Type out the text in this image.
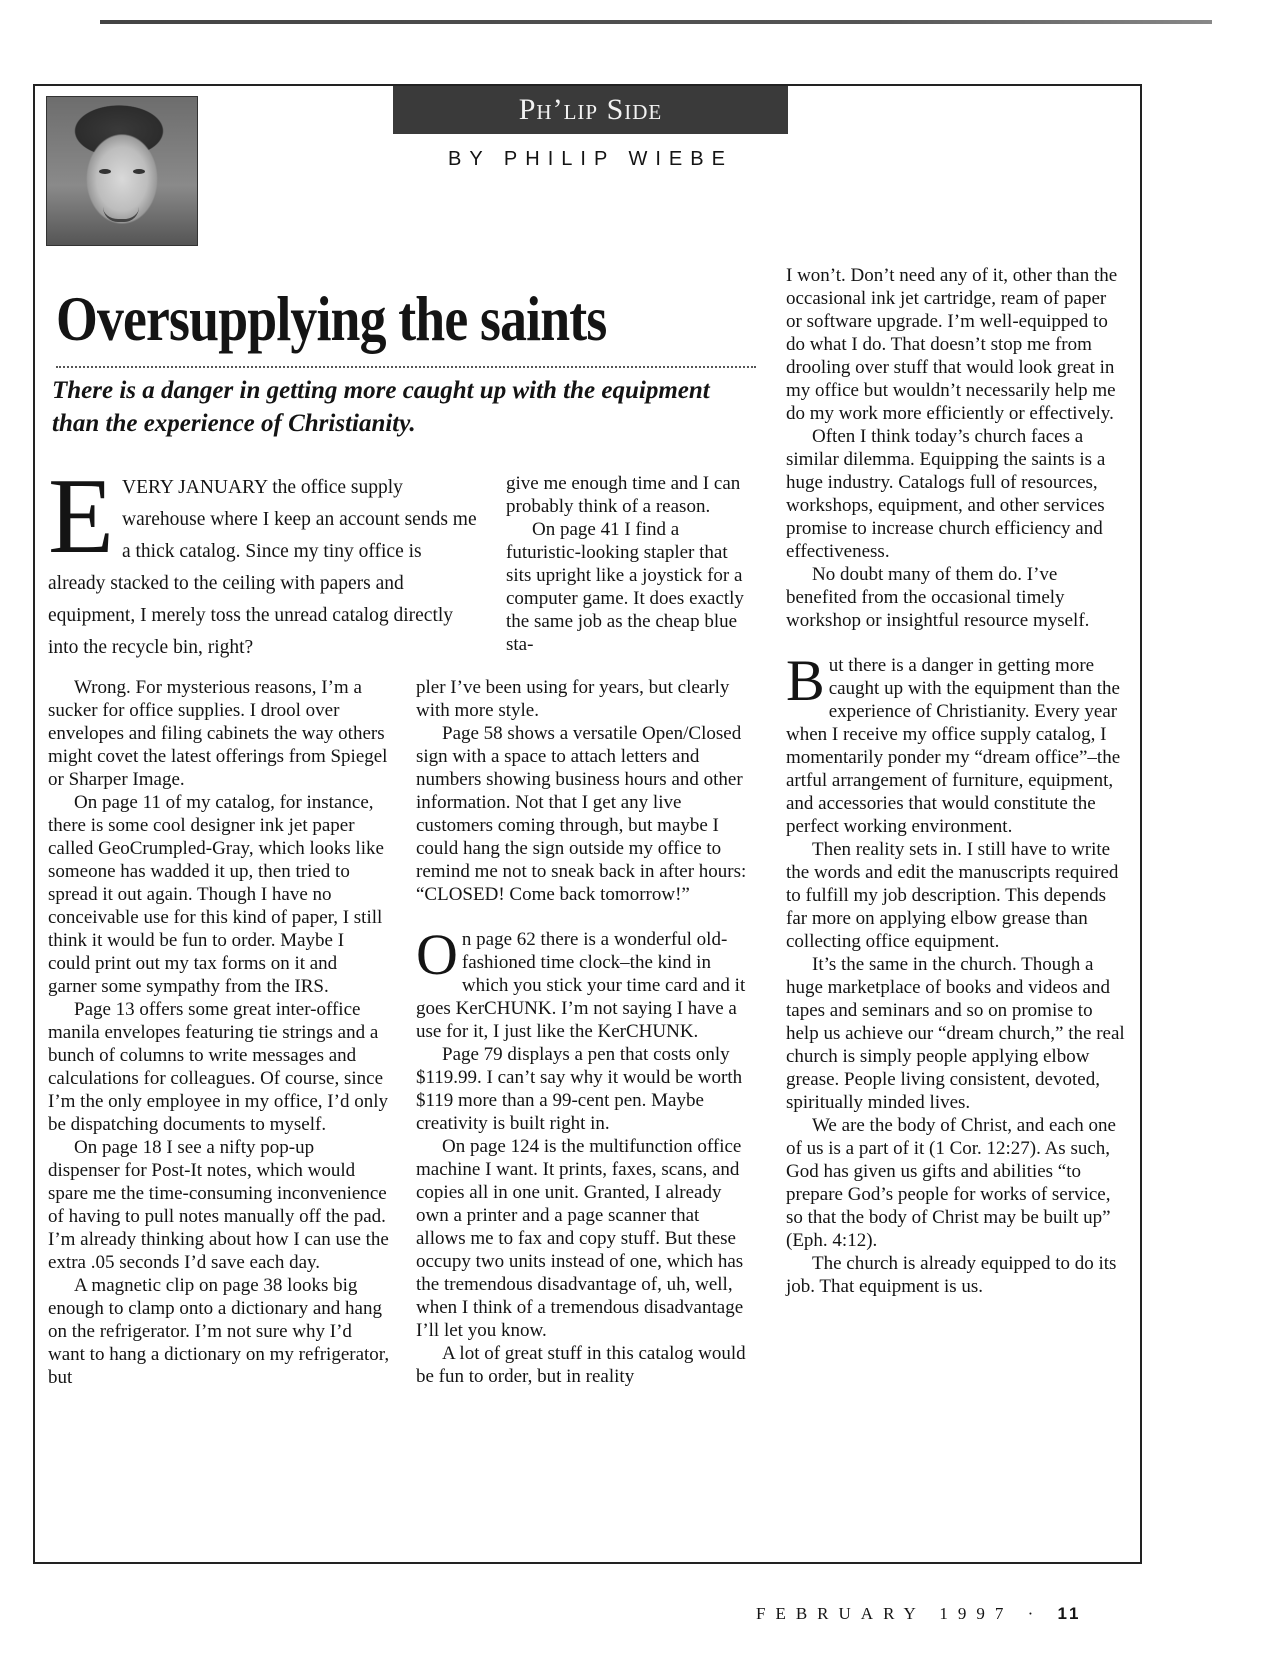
Ph’lip Side
BY PHILIP WIEBE
Oversupplying the saints
There is a danger in getting more caught up with the equipment than the experience of Christianity.
E VERY JANUARY the office supply warehouse where I keep an account sends me a thick catalog. Since my tiny office is already stacked to the ceiling with papers and equipment, I merely toss the unread catalog directly into the recycle bin, right?

give me enough time and I can probably think of a reason.

On page 41 I find a futuristic-looking stapler that sits upright like a joystick for a computer game. It does exactly the same job as the cheap blue sta-

Wrong. For mysterious reasons, I’m a sucker for office supplies. I drool over envelopes and filing cabinets the way others might covet the latest offerings from Spiegel or Sharper Image.

On page 11 of my catalog, for instance, there is some cool designer ink jet paper called GeoCrumpled-Gray, which looks like someone has wadded it up, then tried to spread it out again. Though I have no conceivable use for this kind of paper, I still think it would be fun to order. Maybe I could print out my tax forms on it and garner some sympathy from the IRS.

Page 13 offers some great inter-office manila envelopes featuring tie strings and a bunch of columns to write messages and calculations for colleagues. Of course, since I’m the only employee in my office, I’d only be dispatching documents to myself.

On page 18 I see a nifty pop-up dispenser for Post-It notes, which would spare me the time-consuming inconvenience of having to pull notes manually off the pad. I’m already thinking about how I can use the extra .05 seconds I’d save each day.

A magnetic clip on page 38 looks big enough to clamp onto a dictionary and hang on the refrigerator. I’m not sure why I’d want to hang a dictionary on my refrigerator, but

pler I’ve been using for years, but clearly with more style.

Page 58 shows a versatile Open/Closed sign with a space to attach letters and numbers showing business hours and other information. Not that I get any live customers coming through, but maybe I could hang the sign outside my office to remind me not to sneak back in after hours: “CLOSED! Come back tomorrow!”

On page 62 there is a wonderful old-fashioned time clock–the kind in which you stick your time card and it goes KerCHUNK. I’m not saying I have a use for it, I just like the KerCHUNK.

Page 79 displays a pen that costs only $119.99. I can’t say why it would be worth $119 more than a 99-cent pen. Maybe creativity is built right in.

On page 124 is the multifunction office machine I want. It prints, faxes, scans, and copies all in one unit. Granted, I already own a printer and a page scanner that allows me to fax and copy stuff. But these occupy two units instead of one, which has the tremendous disadvantage of, uh, well, when I think of a tremendous disadvantage I’ll let you know.

A lot of great stuff in this catalog would be fun to order, but in reality

I won’t. Don’t need any of it, other than the occasional ink jet cartridge, ream of paper or software upgrade. I’m well-equipped to do what I do. That doesn’t stop me from drooling over stuff that would look great in my office but wouldn’t necessarily help me do my work more efficiently or effectively.

Often I think today’s church faces a similar dilemma. Equipping the saints is a huge industry. Catalogs full of resources, workshops, equipment, and other services promise to increase church efficiency and effectiveness.

No doubt many of them do. I’ve benefited from the occasional timely workshop or insightful resource myself.

But there is a danger in getting more caught up with the equipment than the experience of Christianity. Every year when I receive my office supply catalog, I momentarily ponder my “dream office”–the artful arrangement of furniture, equipment, and accessories that would constitute the perfect working environment.

Then reality sets in. I still have to write the words and edit the manuscripts required to fulfill my job description. This depends far more on applying elbow grease than collecting office equipment.

It’s the same in the church. Though a huge marketplace of books and videos and tapes and seminars and so on promise to help us achieve our “dream church,” the real church is simply people applying elbow grease. People living consistent, devoted, spiritually minded lives.

We are the body of Christ, and each one of us is a part of it (1 Cor. 12:27). As such, God has given us gifts and abilities “to prepare God’s people for works of service, so that the body of Christ may be built up” (Eph. 4:12).

The church is already equipped to do its job. That equipment is us.

FEBRUARY 1997 · 11
